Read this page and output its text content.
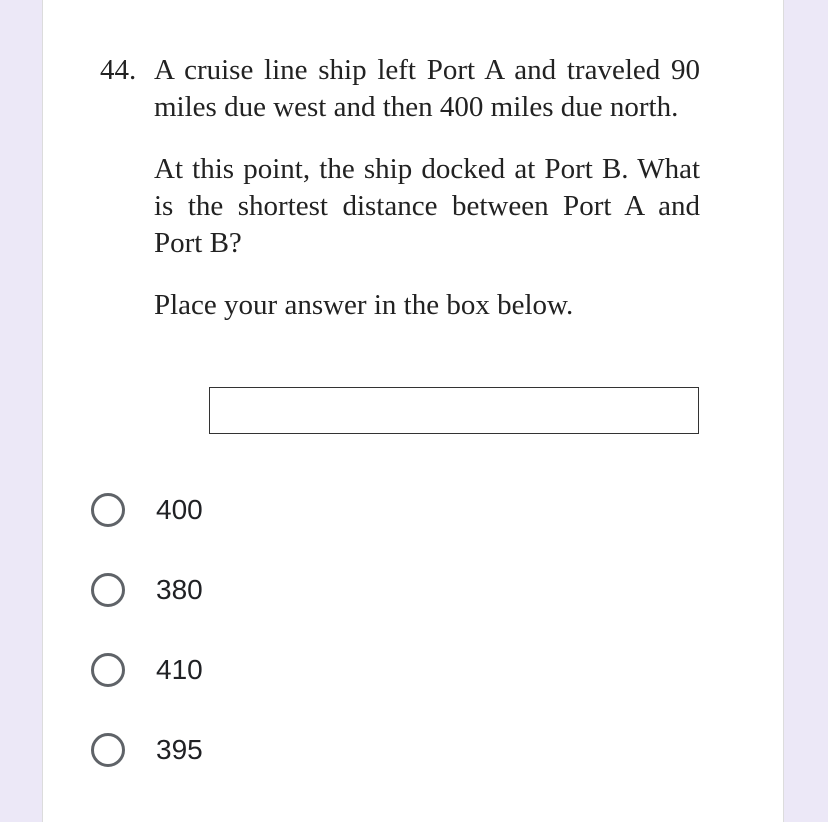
44. A cruise line ship left Port A and traveled 90 miles due west and then 400 miles due north.

At this point, the ship docked at Port B. What is the shortest distance between Port A and Port B?

Place your answer in the box below.

400
380
410
395
